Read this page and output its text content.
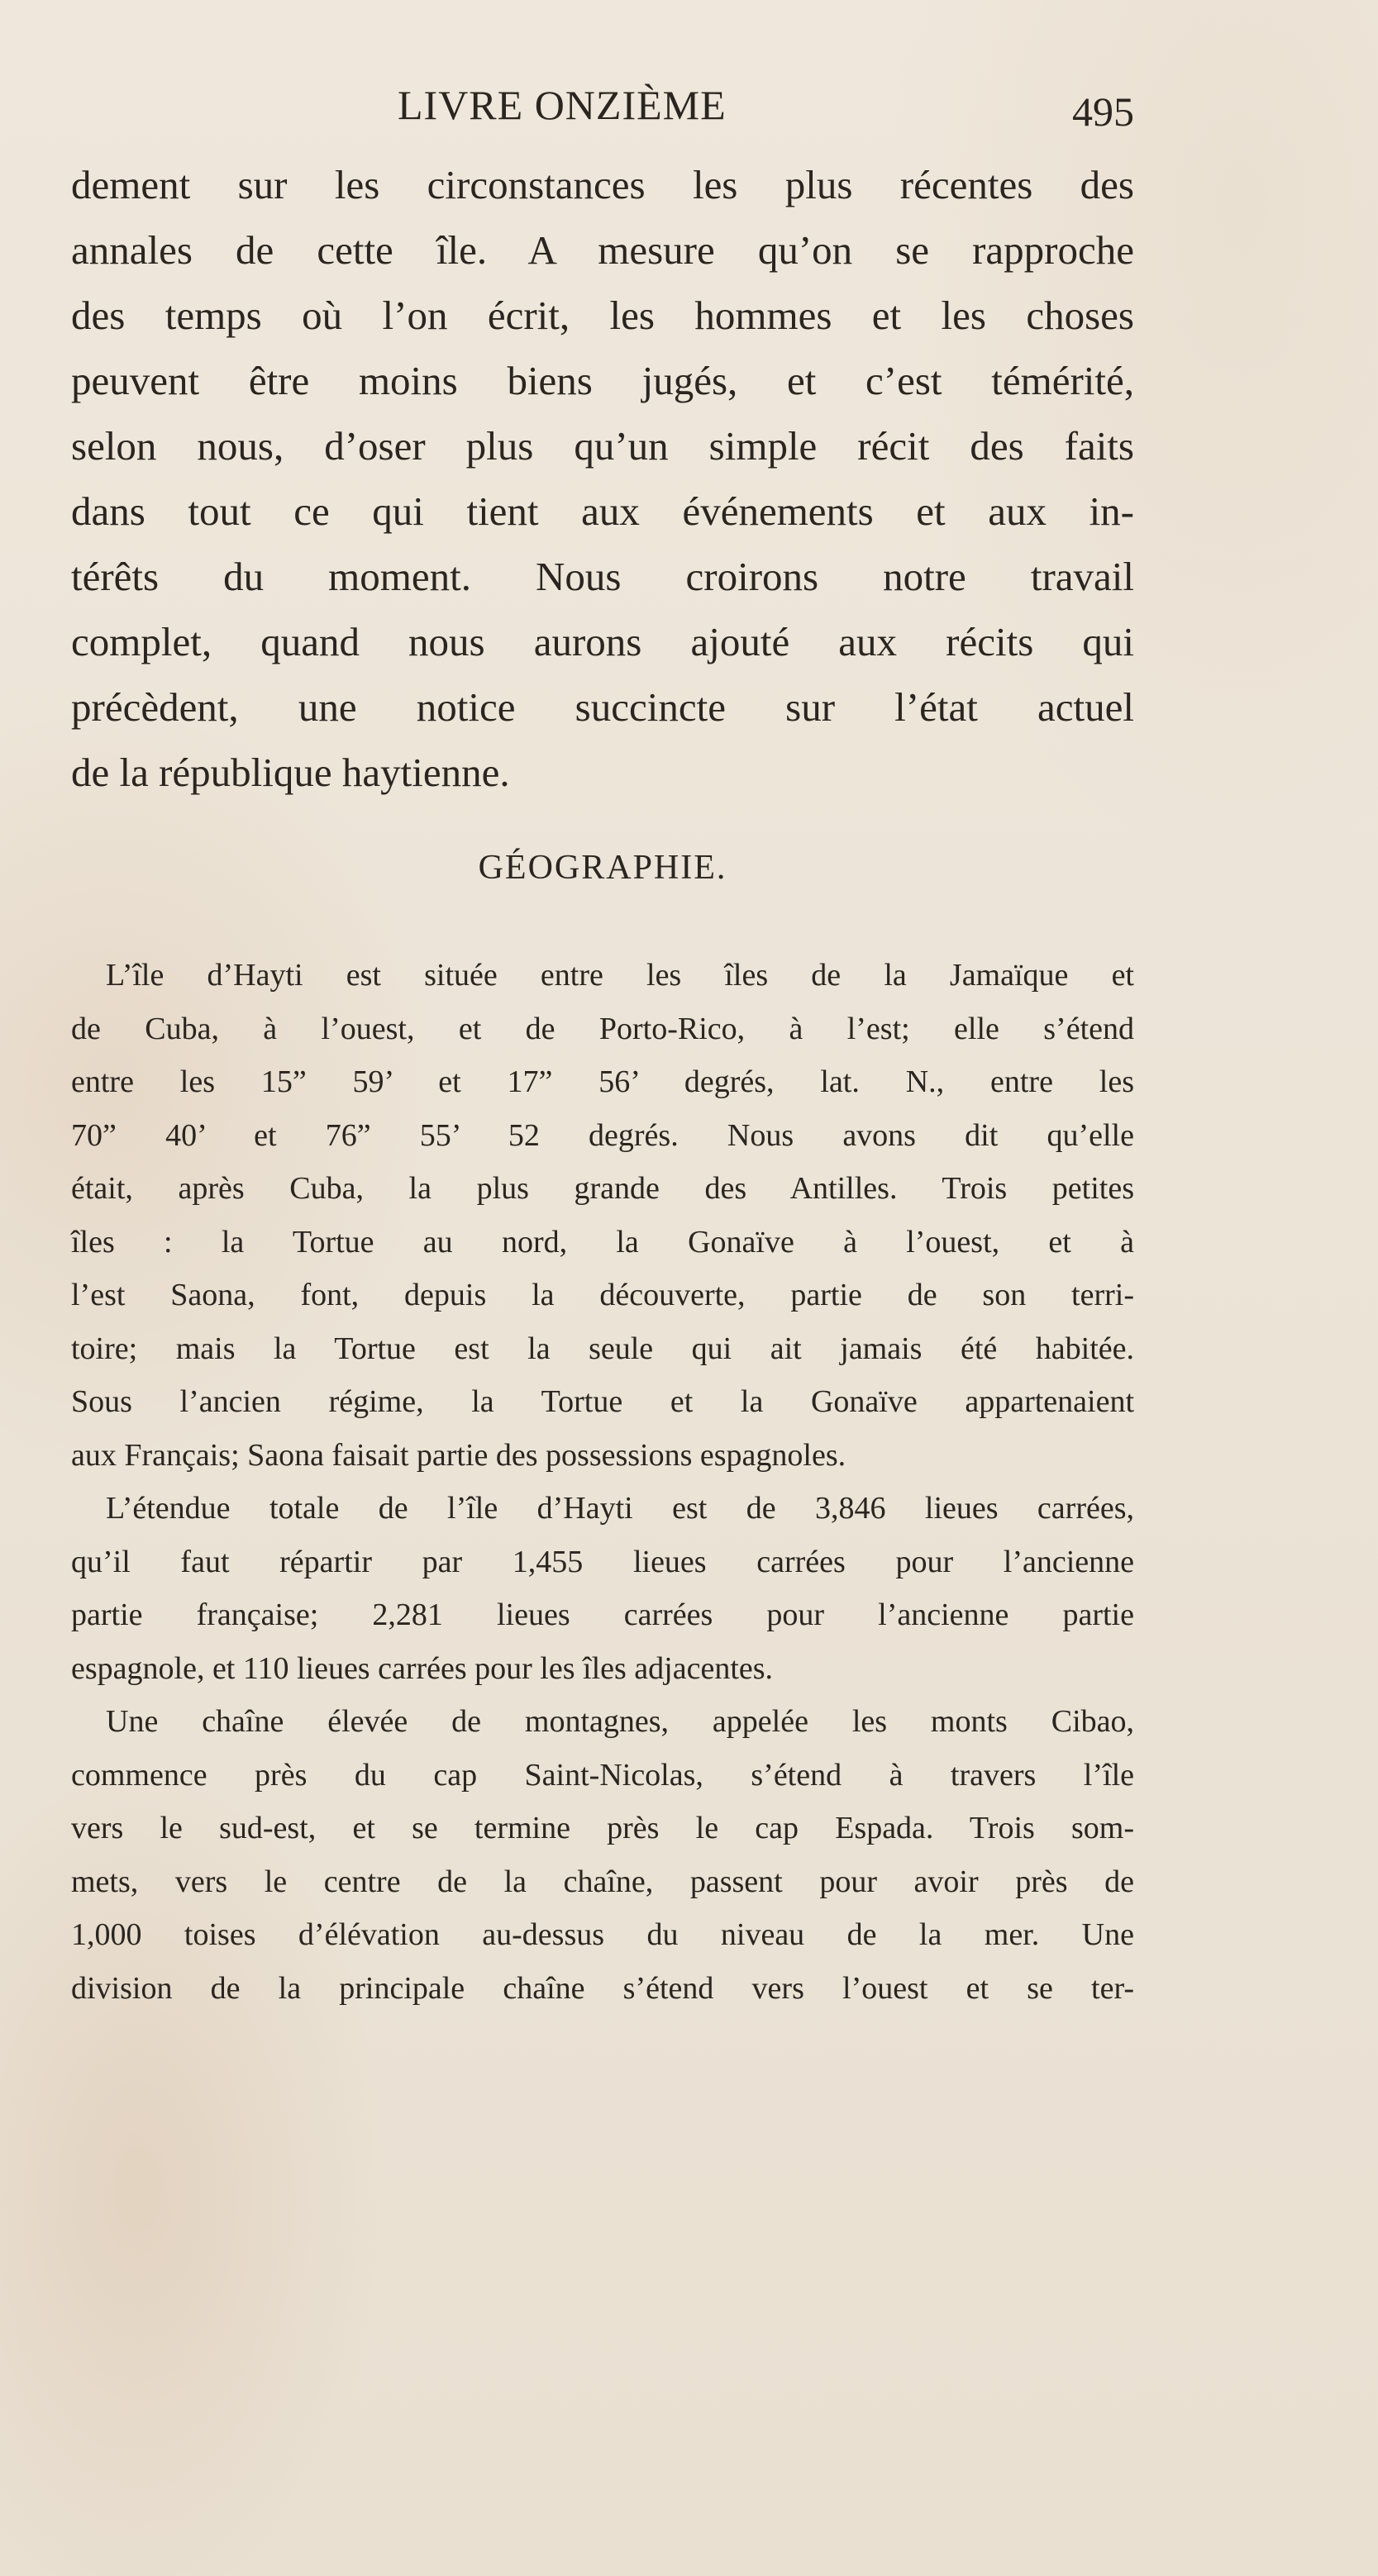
LIVRE ONZIÈME	495
dement sur les circonstances les plus récentes des
annales de cette île. A mesure qu’on se rapproche
des temps où l’on écrit, les hommes et les choses
peuvent être moins biens jugés, et c’est témérité,
selon nous, d’oser plus qu’un simple récit des faits
dans tout ce qui tient aux événements et aux in-
térêts du moment. Nous croirons notre travail
complet, quand nous aurons ajouté aux récits qui
précèdent, une notice succincte sur l’état actuel
de la république haytienne.
GÉOGRAPHIE.
L’île d’Hayti est située entre les îles de la Jamaïque et
de Cuba, à l’ouest, et de Porto-Rico, à l’est; elle s’étend
entre les 15” 59’ et 17” 56’ degrés, lat. N., entre les
70” 40’ et 76” 55’ 52 degrés. Nous avons dit qu’elle
était, après Cuba, la plus grande des Antilles. Trois petites
îles : la Tortue au nord, la Gonaïve à l’ouest, et à
l’est Saona, font, depuis la découverte, partie de son terri-
toire; mais la Tortue est la seule qui ait jamais été habitée.
Sous l’ancien régime, la Tortue et la Gonaïve appartenaient
aux Français; Saona faisait partie des possessions espagnoles.
L’étendue totale de l’île d’Hayti est de 3,846 lieues carrées,
qu’il faut répartir par 1,455 lieues carrées pour l’ancienne
partie française; 2,281 lieues carrées pour l’ancienne partie
espagnole, et 110 lieues carrées pour les îles adjacentes.
Une chaîne élevée de montagnes, appelée les monts Cibao,
commence près du cap Saint-Nicolas, s’étend à travers l’île
vers le sud-est, et se termine près le cap Espada. Trois som-
mets, vers le centre de la chaîne, passent pour avoir près de
1,000 toises d’élévation au-dessus du niveau de la mer. Une
division de la principale chaîne s’étend vers l’ouest et se ter-
